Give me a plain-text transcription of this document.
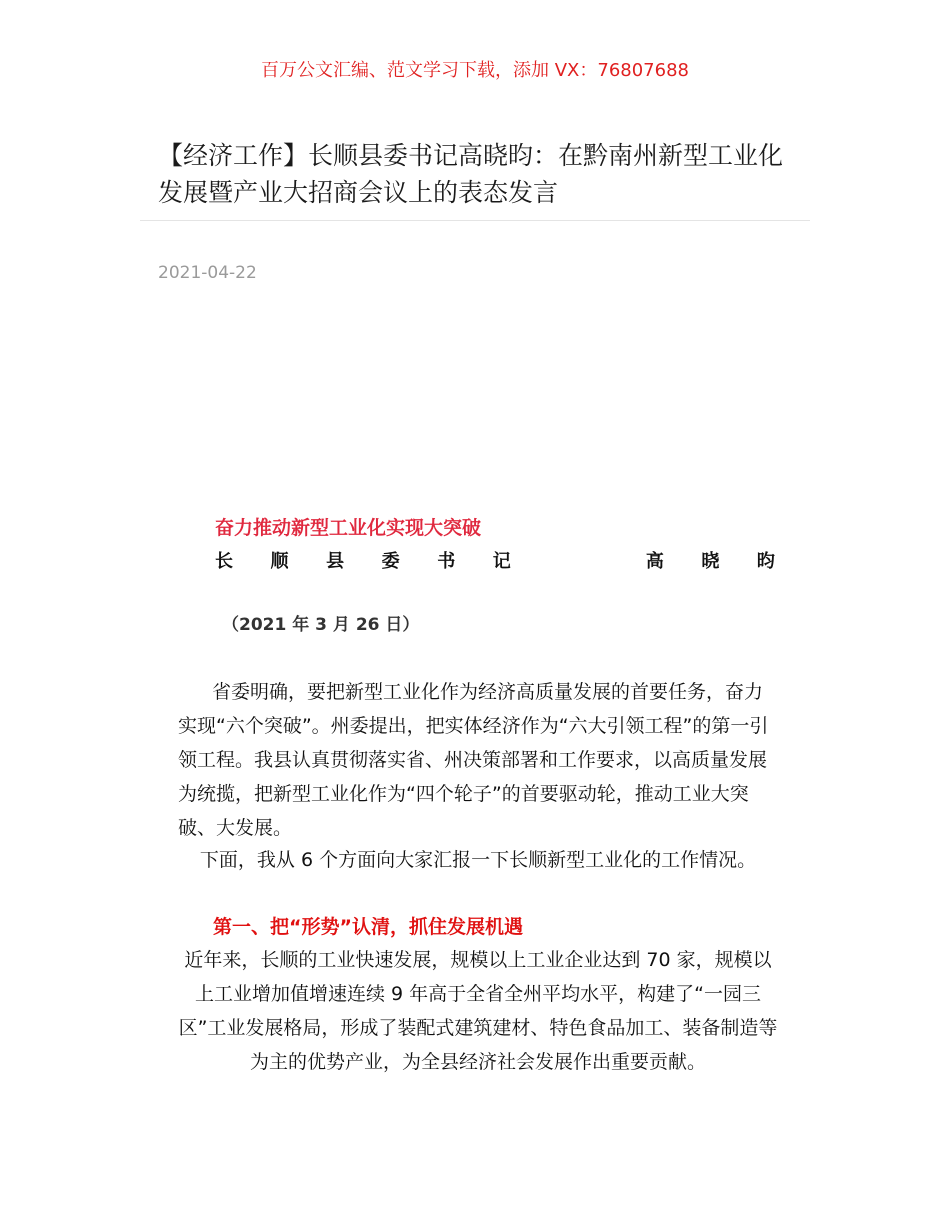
百万公文汇编、范文学习下载，添加 VX：76807688
【经济工作】长顺县委书记高晓昀：在黔南州新型工业化发展暨产业大招商会议上的表态发言
2021-04-22
奋力推动新型工业化实现大突破
长 顺 县 委 书 记	高 晓 昀
（2021 年 3 月 26 日）
省委明确，要把新型工业化作为经济高质量发展的首要任务，奋力实现“六个突破”。州委提出，把实体经济作为“六大引领工程”的第一引领工程。我县认真贯彻落实省、州决策部署和工作要求，以高质量发展为统揽，把新型工业化作为“四个轮子”的首要驱动轮，推动工业大突破、大发展。
下面，我从 6 个方面向大家汇报一下长顺新型工业化的工作情况。
第一、把“形势”认清，抓住发展机遇
近年来，长顺的工业快速发展，规模以上工业企业达到 70 家，规模以上工业增加值增速连续 9 年高于全省全州平均水平，构建了“一园三区”工业发展格局，形成了装配式建筑建材、特色食品加工、装备制造等为主的优势产业，为全县经济社会发展作出重要贡献。
